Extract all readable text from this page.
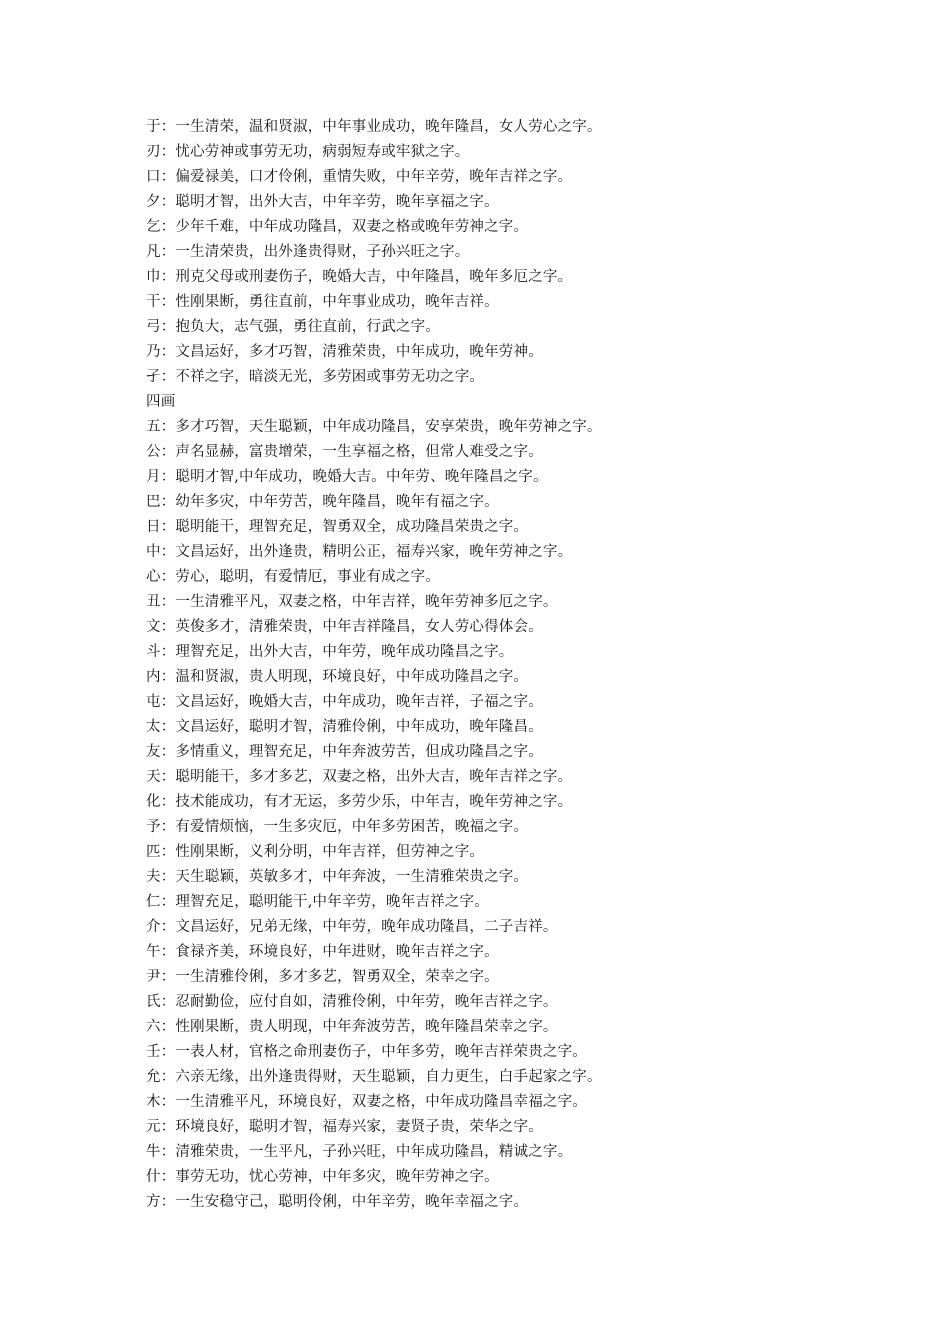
于：一生清荣，温和贤淑，中年事业成功，晚年隆昌，女人劳心之字。
刃：忧心劳神或事劳无功，病弱短寿或牢狱之字。
口：偏爱禄美，口才伶俐，重情失败，中年辛劳，晚年吉祥之字。
夕：聪明才智，出外大吉，中年辛劳，晚年享福之字。
乞：少年千难，中年成功隆昌，双妻之格或晚年劳神之字。
凡：一生清荣贵，出外逢贵得财，子孙兴旺之字。
巾：刑克父母或刑妻伤子，晚婚大吉，中年隆昌，晚年多厄之字。
干：性刚果断，勇往直前，中年事业成功，晚年吉祥。
弓：抱负大，志气强，勇往直前，行武之字。
乃：文昌运好，多才巧智，清雅荣贵，中年成功，晚年劳神。
孑：不祥之字，暗淡无光，多劳困或事劳无功之字。
四画
五：多才巧智，天生聪颖，中年成功隆昌，安享荣贵，晚年劳神之字。
公：声名显赫，富贵增荣，一生享福之格，但常人难受之字。
月：聪明才智,中年成功，晚婚大吉。中年劳、晚年隆昌之字。
巴：幼年多灾，中年劳苦，晚年隆昌，晚年有福之字。
日：聪明能干，理智充足，智勇双全，成功隆昌荣贵之字。
中：文昌运好，出外逢贵，精明公正，福寿兴家，晚年劳神之字。
心：劳心，聪明，有爱情厄，事业有成之字。
丑：一生清雅平凡，双妻之格，中年吉祥，晚年劳神多厄之字。
文：英俊多才，清雅荣贵，中年吉祥隆昌，女人劳心得体会。
斗：理智充足，出外大吉，中年劳，晚年成功隆昌之字。
内：温和贤淑，贵人明现，环境良好，中年成功隆昌之字。
屯：文昌运好，晚婚大吉，中年成功，晚年吉祥，子福之字。
太：文昌运好，聪明才智，清雅伶俐，中年成功，晚年隆昌。
友：多情重义，理智充足，中年奔波劳苦，但成功隆昌之字。
天：聪明能干，多才多艺，双妻之格，出外大吉，晚年吉祥之字。
化：技术能成功，有才无运，多劳少乐，中年吉，晚年劳神之字。
予：有爱情烦恼，一生多灾厄，中年多劳困苦，晚福之字。
匹：性刚果断，义利分明，中年吉祥，但劳神之字。
夫：天生聪颖，英敏多才，中年奔波，一生清雅荣贵之字。
仁：理智充足，聪明能干,中年辛劳，晚年吉祥之字。
介：文昌运好，兄弟无缘，中年劳，晚年成功隆昌，二子吉祥。
午：食禄齐美，环境良好，中年进财，晚年吉祥之字。
尹：一生清雅伶俐，多才多艺，智勇双全，荣幸之字。
氏：忍耐勤俭，应付自如，清雅伶俐，中年劳，晚年吉祥之字。
六：性刚果断，贵人明现，中年奔波劳苦，晚年隆昌荣幸之字。
壬：一表人材，官格之命刑妻伤子，中年多劳，晚年吉祥荣贵之字。
允：六亲无缘，出外逢贵得财，天生聪颖，自力更生，白手起家之字。
木：一生清雅平凡，环境良好，双妻之格，中年成功隆昌幸福之字。
元：环境良好，聪明才智，福寿兴家，妻贤子贵，荣华之字。
牛：清雅荣贵，一生平凡，子孙兴旺，中年成功隆昌，精诚之字。
什：事劳无功，忧心劳神，中年多灾，晚年劳神之字。
方：一生安稳守己，聪明伶俐，中年辛劳，晚年幸福之字。
